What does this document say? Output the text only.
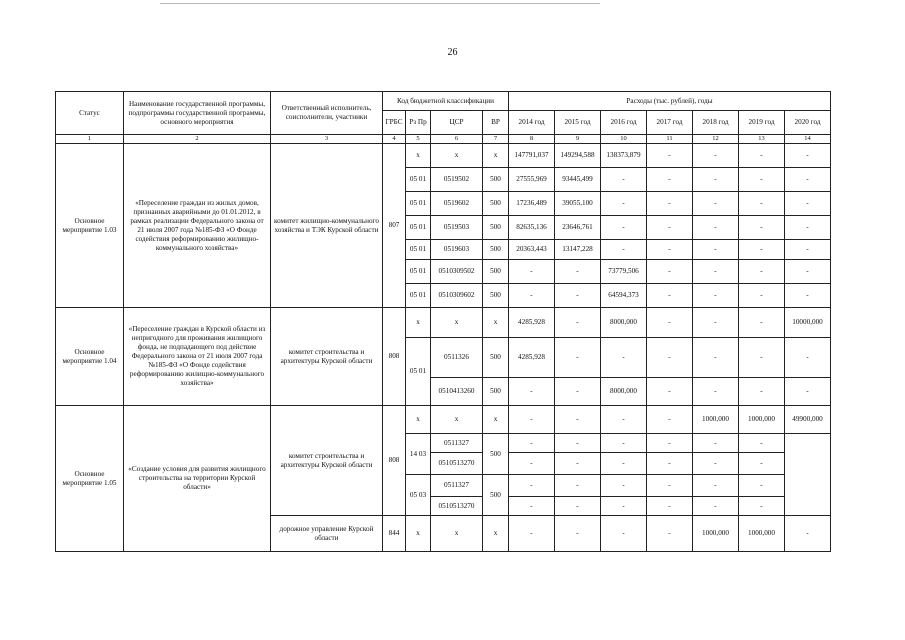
26
Статус	Наименование государственной программы, подпрограммы государственной программы, основного мероприятия	Ответственный исполнитель, соисполнители, участники	Код бюджетной классификации				Расходы (тыс. рублей), годы						
			ГРБС	Рз Пр	ЦСР	ВР	2014 год	2015 год	2016 год	2017 год	2018 год	2019 год	2020 год
1	2	3	4	5	6	7	8	9	10	11	12	13	14
Основное мероприятие 1.03	«Переселение граждан из жилых домов, признанных аварийными до 01.01.2012, в рамках реализации Федерального закона от 21 июля 2007 года №185-ФЗ «О Фонде содействия реформированию жилищно-коммунального хозяйства»	комитет жилищно-коммунального хозяйства и ТЭК Курской области	807	x	x	x	147791,037	149294,588	138373,879	-	-	-	-
				05 01	0519502	500	27555,969	93445,499	-	-	-	-	-
				05 01	0519602	500	17236,489	39055,100	-	-	-	-	-
				05 01	0519503	500	82635,136	23646,761	-	-	-	-	-
				05 01	0519603	500	20363,443	13147,228	-	-	-	-	-
				05 01	0510309502	500	-	-	73779,506	-	-	-	-
				05 01	0510309602	500	-	-	64594,373	-	-	-	-
Основное мероприятие 1.04	«Переселение граждан в Курской области из непригодного для проживания жилищного фонда, не подпадающего под действие Федерального закона от 21 июля 2007 года №185-ФЗ «О Фонде содействия реформированию жилищно-коммунального хозяйства»	комитет строительства и архитектуры Курской области	808	x	x	x	4285,928	-	8000,000	-	-	-	10000,000
				05 01	0511326	500	4285,928	-	-	-	-	-	-
					0510413260	500	-	-	8000,000	-	-	-	-
Основное мероприятие 1.05	«Создание условия для развития жилищного строительства на территории Курской области»	комитет строительства и архитектуры Курской области	808	x	x	x	-	-	-	-	1000,000	1000,000	49900,000
				14 03	0511327	500	-	-	-	-	-	-	
					0510513270		-	-	-	-	-	-	
				05 03	0511327	500	-	-	-	-	-	-	
					0510513270		-	-	-	-	-	-	
		дорожное управление Курской области	844	x	x	x	-	-	-	-	1000,000	1000,000	-
